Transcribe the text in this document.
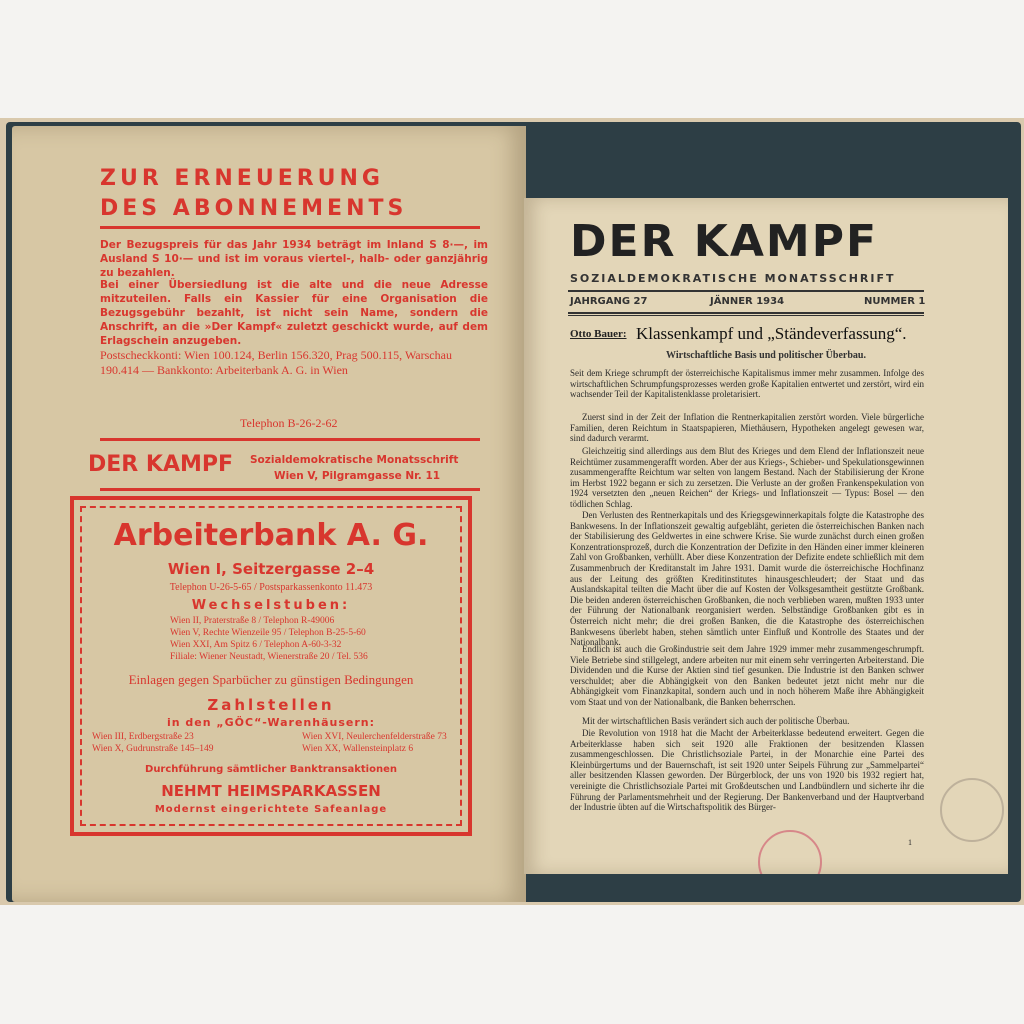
ZUR ERNEUERUNG
DES ABONNEMENTS
Der Bezugspreis für das Jahr 1934 beträgt im Inland S 8·—, im Ausland S 10·— und ist im voraus viertel-, halb- oder ganzjährig zu bezahlen.
Bei einer Übersiedlung ist die alte und die neue Adresse mitzuteilen. Falls ein Kassier für eine Organisation die Bezugsgebühr bezahlt, ist nicht sein Name, sondern die Anschrift, an die »Der Kampf« zuletzt geschickt wurde, auf dem Erlagschein anzugeben.
Postscheckkonti: Wien 100.124, Berlin 156.320, Prag 500.115, Warschau 190.414 — Bankkonto: Arbeiterbank A. G. in Wien
Telephon B-26-2-62
DER KAMPF Sozialdemokratische Monatsschrift
Wien V, Pilgramgasse Nr. 11
Arbeiterbank A. G.
Wien I, Seitzergasse 2–4
Telephon U-26-5-65 / Postsparkassenkonto 11.473
Wechselstuben:
Wien II, Praterstraße 8 / Telephon R-49006
Wien V, Rechte Wienzeile 95 / Telephon B-25-5-60
Wien XXI, Am Spitz 6 / Telephon A-60-3-32
Filiale: Wiener Neustadt, Wienerstraße 20 / Tel. 536
Einlagen gegen Sparbücher zu günstigen Bedingungen
Zahlstellen
in den „GÖC“-Warenhäusern:
Wien III, Erdbergstraße 23
Wien X, Gudrunstraße 145–149
Wien XVI, Neulerchenfelderstraße 73
Wien XX, Wallensteinplatz 6
Durchführung sämtlicher Banktransaktionen
NEHMT HEIMSPARKASSEN
Modernst eingerichtete Safeanlage
DER KAMPF
SOZIALDEMOKRATISCHE MONATSSCHRIFT
JAHRGANG 27	JÄNNER 1934	NUMMER 1
Otto Bauer: Klassenkampf und „Ständeverfassung“.
Wirtschaftliche Basis und politischer Überbau.
Seit dem Kriege schrumpft der österreichische Kapitalismus immer mehr zusammen. Infolge des wirtschaftlichen Schrumpfungsprozesses werden große Kapitalien entwertet und zerstört, wird ein wachsender Teil der Kapitalistenklasse proletarisiert.
Zuerst sind in der Zeit der Inflation die Rentnerkapitalien zerstört worden. Viele bürgerliche Familien, deren Reichtum in Staatspapieren, Miethäusern, Hypotheken angelegt gewesen war, sind dadurch verarmt.
Gleichzeitig sind allerdings aus dem Blut des Krieges und dem Elend der Inflationszeit neue Reichtümer zusammengerafft worden. Aber der aus Kriegs-, Schieber- und Spekulationsgewinnen zusammengeraffte Reichtum war selten von langem Bestand. Nach der Stabilisierung der Krone im Herbst 1922 begann er sich zu zersetzen. Die Verluste an der großen Frankenspekulation von 1924 versetzten den „neuen Reichen“ der Kriegs- und Inflationszeit — Typus: Bosel — den tödlichen Schlag.
Den Verlusten des Rentnerkapitals und des Kriegsgewinnerkapitals folgte die Katastrophe des Bankwesens. In der Inflationszeit gewaltig aufgebläht, gerieten die österreichischen Banken nach der Stabilisierung des Geldwertes in eine schwere Krise. Sie wurde zunächst durch einen großen Konzentrationsprozeß, durch die Konzentration der Defizite in den Händen einer immer kleineren Zahl von Großbanken, verhüllt. Aber diese Konzentration der Defizite endete schließlich mit dem Zusammenbruch der Kreditanstalt im Jahre 1931. Damit wurde die österreichische Hochfinanz aus der Leitung des größten Kreditinstitutes hinausgeschleudert; der Staat und das Auslandskapital teilten die Macht über die auf Kosten der Volksgesamtheit gestützte Großbank. Die beiden anderen österreichischen Großbanken, die noch verblieben waren, mußten 1933 unter der Führung der Nationalbank reorganisiert werden. Selbständige Großbanken gibt es in Österreich nicht mehr; die drei großen Banken, die die Katastrophe des österreichischen Bankwesens überlebt haben, stehen sämtlich unter Einfluß und Kontrolle des Staates und der Nationalbank.
Endlich ist auch die Großindustrie seit dem Jahre 1929 immer mehr zusammengeschrumpft. Viele Betriebe sind stillgelegt, andere arbeiten nur mit einem sehr verringerten Arbeiterstand. Die Dividenden und die Kurse der Aktien sind tief gesunken. Die Industrie ist den Banken schwer verschuldet; aber die Abhängigkeit von den Banken bedeutet jetzt nicht mehr nur die Abhängigkeit vom Finanzkapital, sondern auch und in noch höherem Maße ihre Abhängigkeit vom Staat und von der Nationalbank, die Banken beherrschen.
Mit der wirtschaftlichen Basis verändert sich auch der politische Überbau.
Die Revolution von 1918 hat die Macht der Arbeiterklasse bedeutend erweitert. Gegen die Arbeiterklasse haben sich seit 1920 alle Fraktionen der besitzenden Klassen zusammengeschlossen. Die Christlichsoziale Partei, in der Monarchie eine Partei des Kleinbürgertums und der Bauernschaft, ist seit 1920 unter Seipels Führung zur „Sammelpartei“ aller besitzenden Klassen geworden. Der Bürgerblock, der uns von 1920 bis 1932 regiert hat, vereinigte die Christlichsoziale Partei mit Großdeutschen und Landbündlern und sicherte ihr die Führung der Parlamentsmehrheit und der Regierung. Der Bankenverband und der Hauptverband der Industrie übten auf die Wirtschaftspolitik des Bürger-
1
